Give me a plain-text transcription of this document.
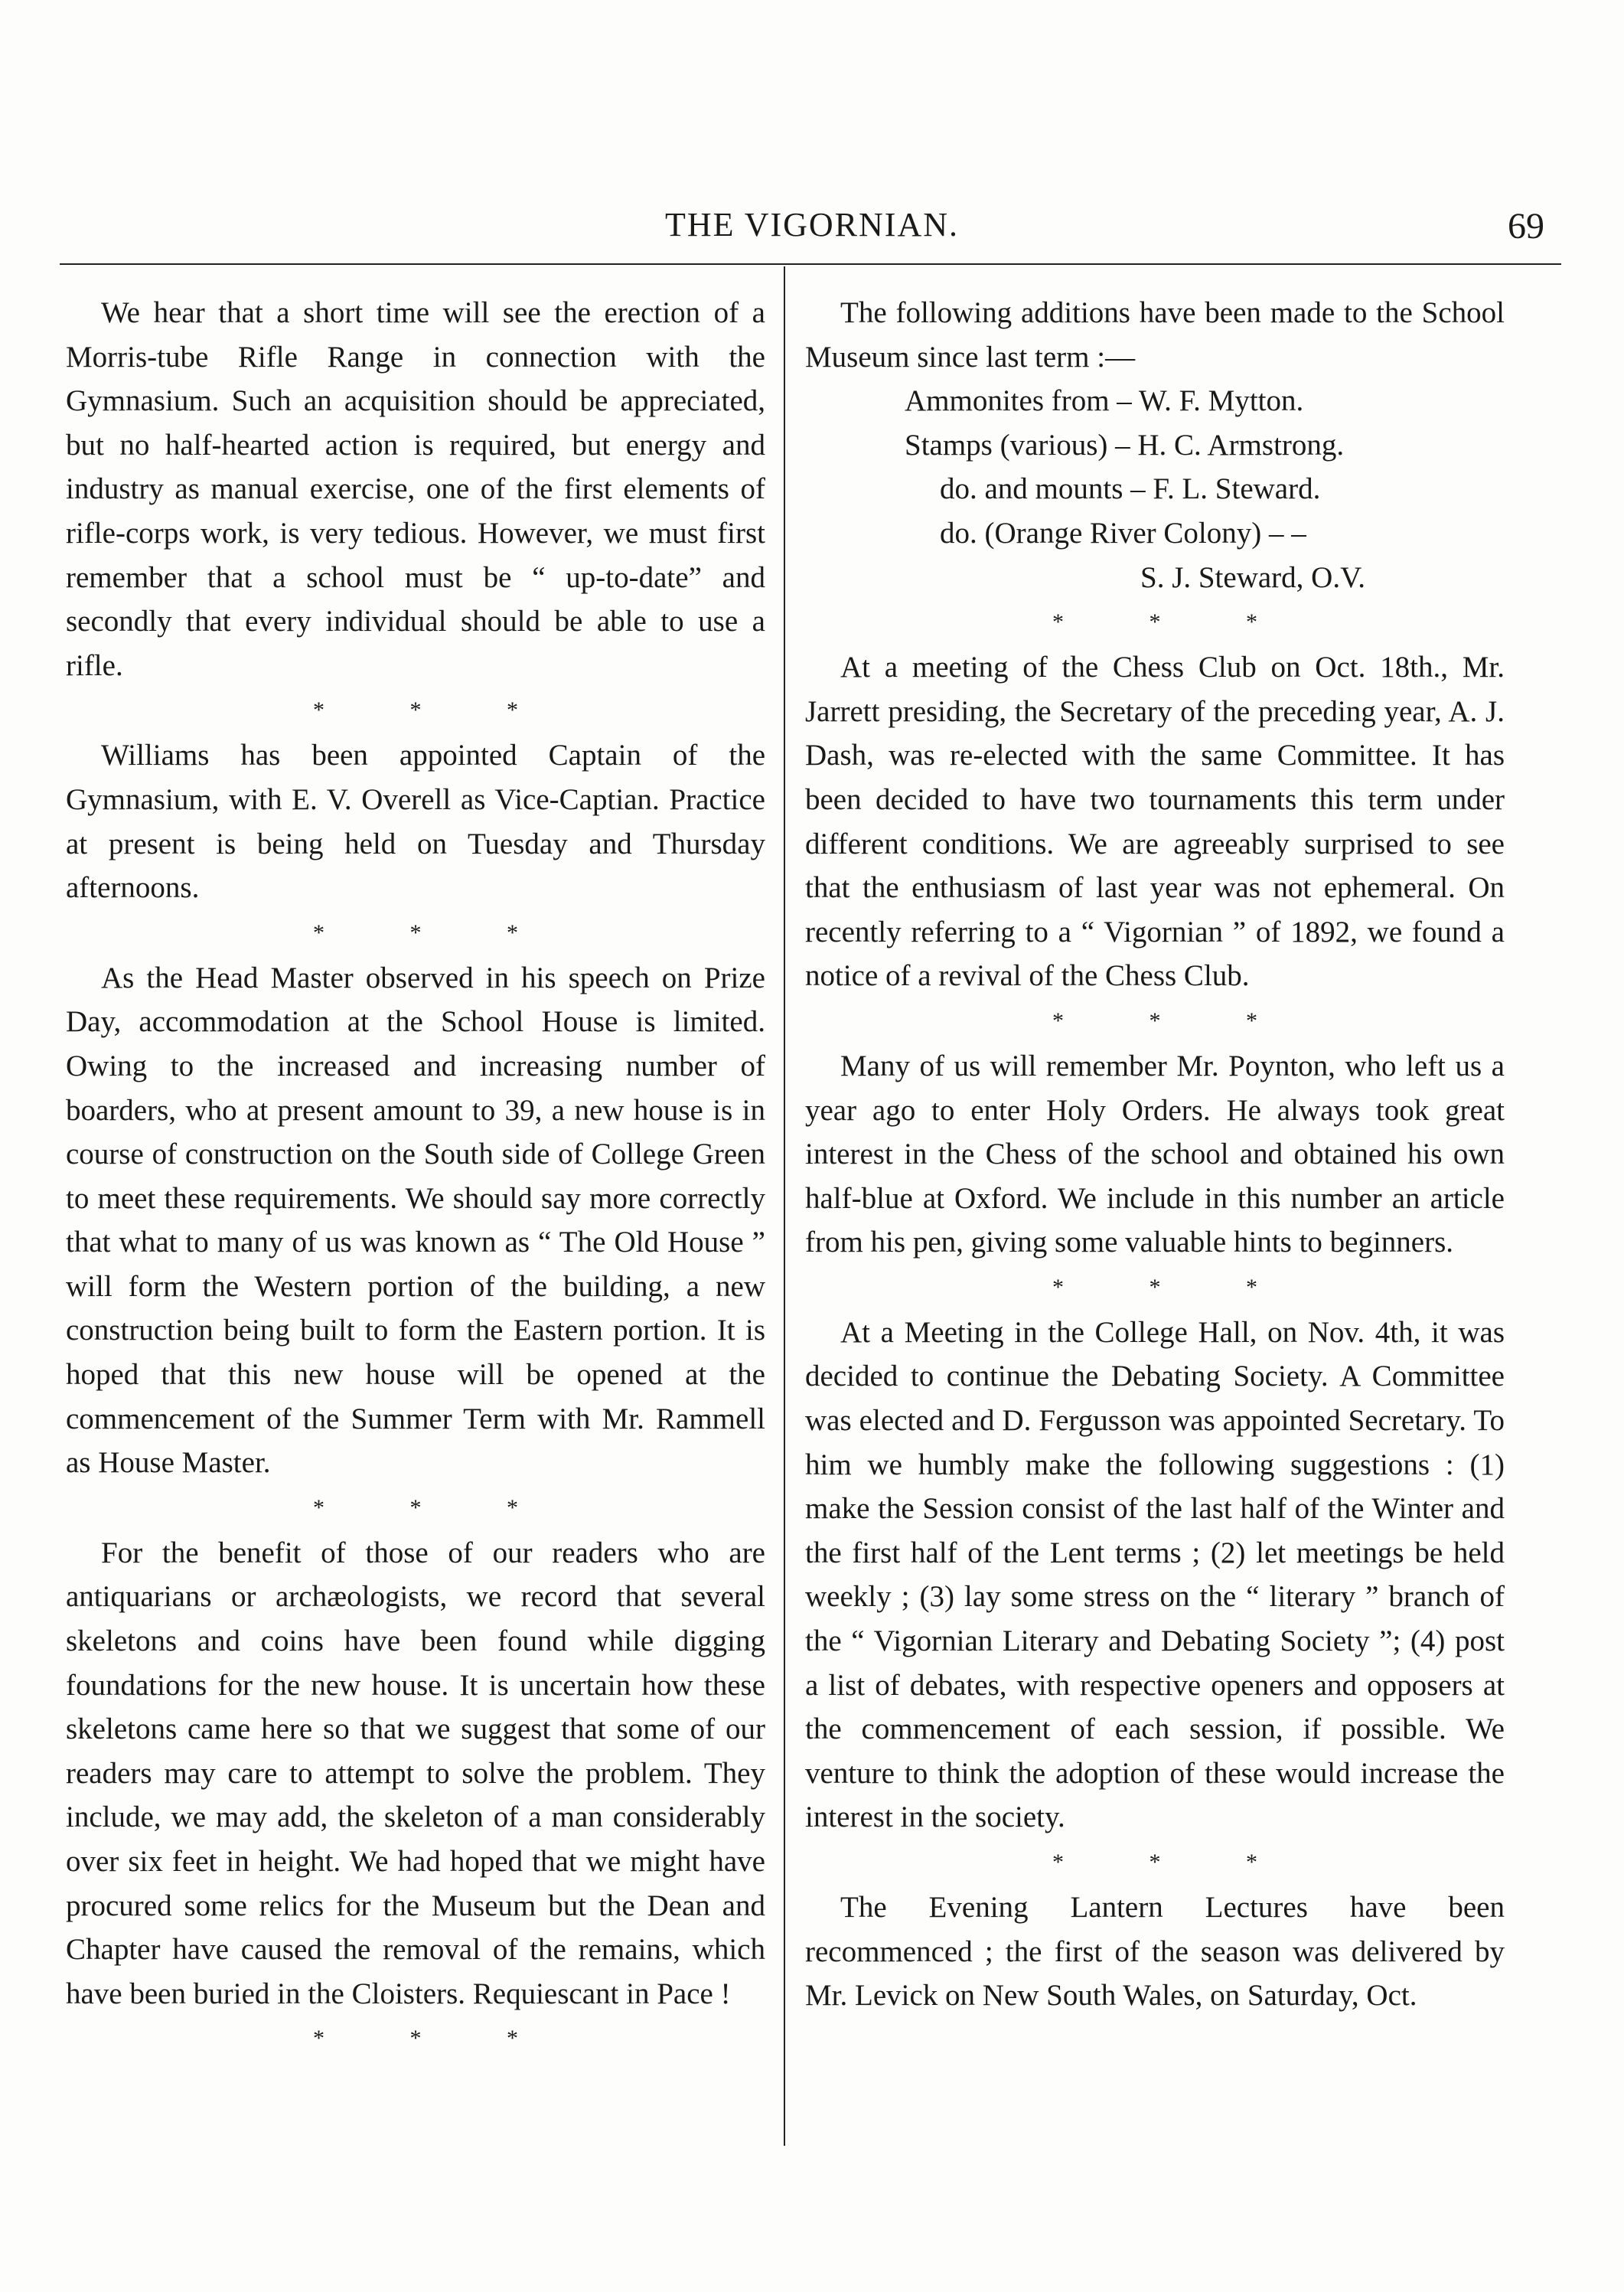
THE VIGORNIAN.	69

We hear that a short time will see the erection of a Morris-tube Rifle Range in connection with the Gymnasium. Such an acquisition should be appreciated, but no half-hearted action is required, but energy and industry as manual exercise, one of the first elements of rifle-corps work, is very tedious. However, we must first remember that a school must be “ up-to-date” and secondly that every individual should be able to use a rifle.

* * *

Williams has been appointed Captain of the Gymnasium, with E. V. Overell as Vice-Captian. Practice at present is being held on Tuesday and Thursday afternoons.

* * *

As the Head Master observed in his speech on Prize Day, accommodation at the School House is limited. Owing to the increased and increasing number of boarders, who at present amount to 39, a new house is in course of construction on the South side of College Green to meet these requirements. We should say more correctly that what to many of us was known as “ The Old House ” will form the Western portion of the building, a new construction being built to form the Eastern portion. It is hoped that this new house will be opened at the commencement of the Summer Term with Mr. Rammell as House Master.

* * *

For the benefit of those of our readers who are antiquarians or archæologists, we record that several skeletons and coins have been found while digging foundations for the new house. It is uncertain how these skeletons came here so that we suggest that some of our readers may care to attempt to solve the problem. They include, we may add, the skeleton of a man considerably over six feet in height. We had hoped that we might have procured some relics for the Museum but the Dean and Chapter have caused the removal of the remains, which have been buried in the Cloisters. Requiescant in Pace !

* * *

The following additions have been made to the School Museum since last term :—

Ammonites from – W. F. Mytton.
Stamps (various) – H. C. Armstrong.
do. and mounts – F. L. Steward.
do. (Orange River Colony) – –
S. J. Steward, O.V.
* * *

At a meeting of the Chess Club on Oct. 18th., Mr. Jarrett presiding, the Secretary of the preceding year, A. J. Dash, was re-elected with the same Committee. It has been decided to have two tournaments this term under different conditions. We are agreeably surprised to see that the enthusiasm of last year was not ephemeral. On recently referring to a “ Vigornian ” of 1892, we found a notice of a revival of the Chess Club.

* * *

Many of us will remember Mr. Poynton, who left us a year ago to enter Holy Orders. He always took great interest in the Chess of the school and obtained his own half-blue at Oxford. We include in this number an article from his pen, giving some valuable hints to beginners.

* * *

At a Meeting in the College Hall, on Nov. 4th, it was decided to continue the Debating Society. A Committee was elected and D. Fergusson was appointed Secretary. To him we humbly make the following suggestions : (1) make the Session consist of the last half of the Winter and the first half of the Lent terms ; (2) let meetings be held weekly ; (3) lay some stress on the “ literary ” branch of the “ Vigornian Literary and Debating Society ”; (4) post a list of debates, with respective openers and opposers at the commencement of each session, if possible. We venture to think the adoption of these would increase the interest in the society.

* * *

The Evening Lantern Lectures have been recommenced ; the first of the season was delivered by Mr. Levick on New South Wales, on Saturday, Oct.
